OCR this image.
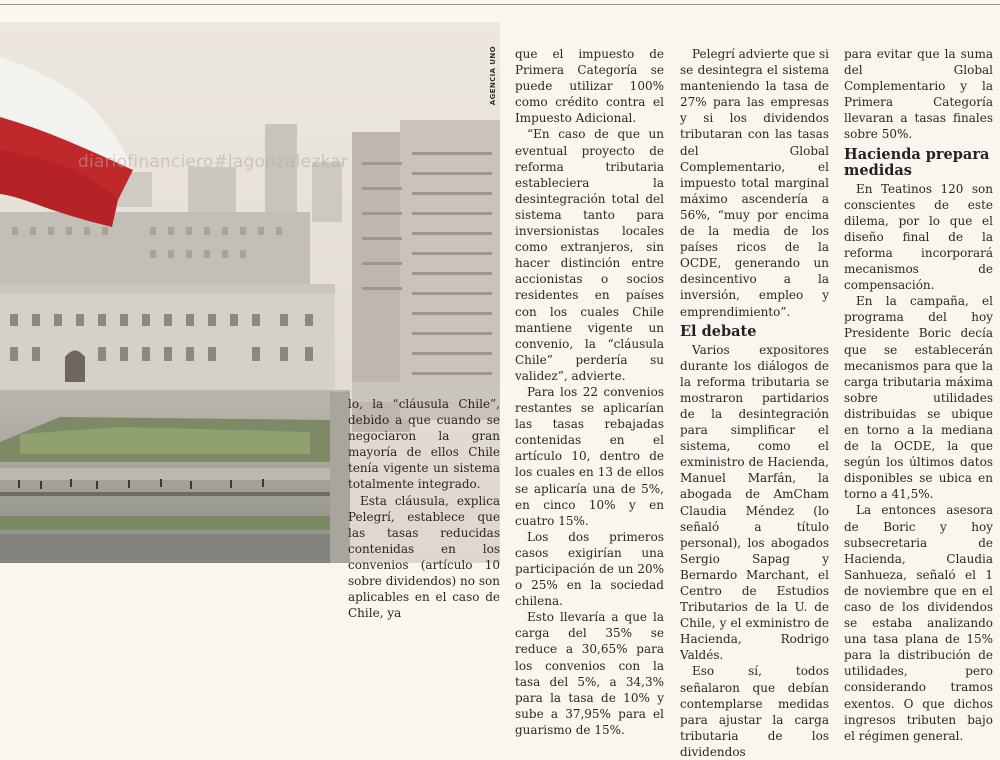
diariofinanciero#lagonzalezkar
AGENCIA UNO

lo, la “cláusula Chile”, debido a que cuando se negociaron la gran mayoría de ellos Chile tenía vigente un sistema totalmente integrado.

Esta cláusula, explica Pelegrí, establece que las tasas reducidas contenidas en los convenios (artículo 10 sobre dividendos) no son aplicables en el caso de Chile, ya

que el impuesto de Primera Categoría se puede utilizar 100% como crédito contra el Impuesto Adicional.

“En caso de que un eventual proyecto de reforma tributaria estableciera la desintegración total del sistema tanto para inversionistas locales como extranjeros, sin hacer distinción entre accionistas o socios residentes en países con los cuales Chile mantiene vigente un convenio, la “cláusula Chile” perdería su validez”, advierte.

Para los 22 convenios restantes se aplicarían las tasas rebajadas contenidas en el artículo 10, dentro de los cuales en 13 de ellos se aplicaría una de 5%, en cinco 10% y en cuatro 15%.

Los dos primeros casos exigirían una participación de un 20% o 25% en la sociedad chilena.

Esto llevaría a que la carga del 35% se reduce a 30,65% para los convenios con la tasa del 5%, a 34,3% para la tasa de 10% y sube a 37,95% para el guarismo de 15%.

Pelegrí advierte que si se desintegra el sistema manteniendo la tasa de 27% para las empresas y si los dividendos tributaran con las tasas del Global Complementario, el impuesto total marginal máximo ascendería a 56%, “muy por encima de la media de los países ricos de la OCDE, generando un desincentivo a la inversión, empleo y emprendimiento”.

El debate

Varios expositores durante los diálogos de la reforma tributaria se mostraron partidarios de la desintegración para simplificar el sistema, como el exministro de Hacienda, Manuel Marfán, la abogada de AmCham Claudia Méndez (lo señaló a título personal), los abogados Sergio Sapag y Bernardo Marchant, el Centro de Estudios Tributarios de la U. de Chile, y el exministro de Hacienda, Rodrigo Valdés.

Eso sí, todos señalaron que debían contemplarse medidas para ajustar la carga tributaria de los dividendos

para evitar que la suma del Global Complementario y la Primera Categoría llevaran a tasas finales sobre 50%.

Hacienda prepara medidas

En Teatinos 120 son conscientes de este dilema, por lo que el diseño final de la reforma incorporará mecanismos de compensación.

En la campaña, el programa del hoy Presidente Boric decía que se establecerán mecanismos para que la carga tributaria máxima sobre utilidades distribuidas se ubique en torno a la mediana de la OCDE, la que según los últimos datos disponibles se ubica en torno a 41,5%.

La entonces asesora de Boric y hoy subsecretaria de Hacienda, Claudia Sanhueza, señaló el 1 de noviembre que en el caso de los dividendos se estaba analizando una tasa plana de 15% para la distribución de utilidades, pero considerando tramos exentos. O que dichos ingresos tributen bajo el régimen general.
